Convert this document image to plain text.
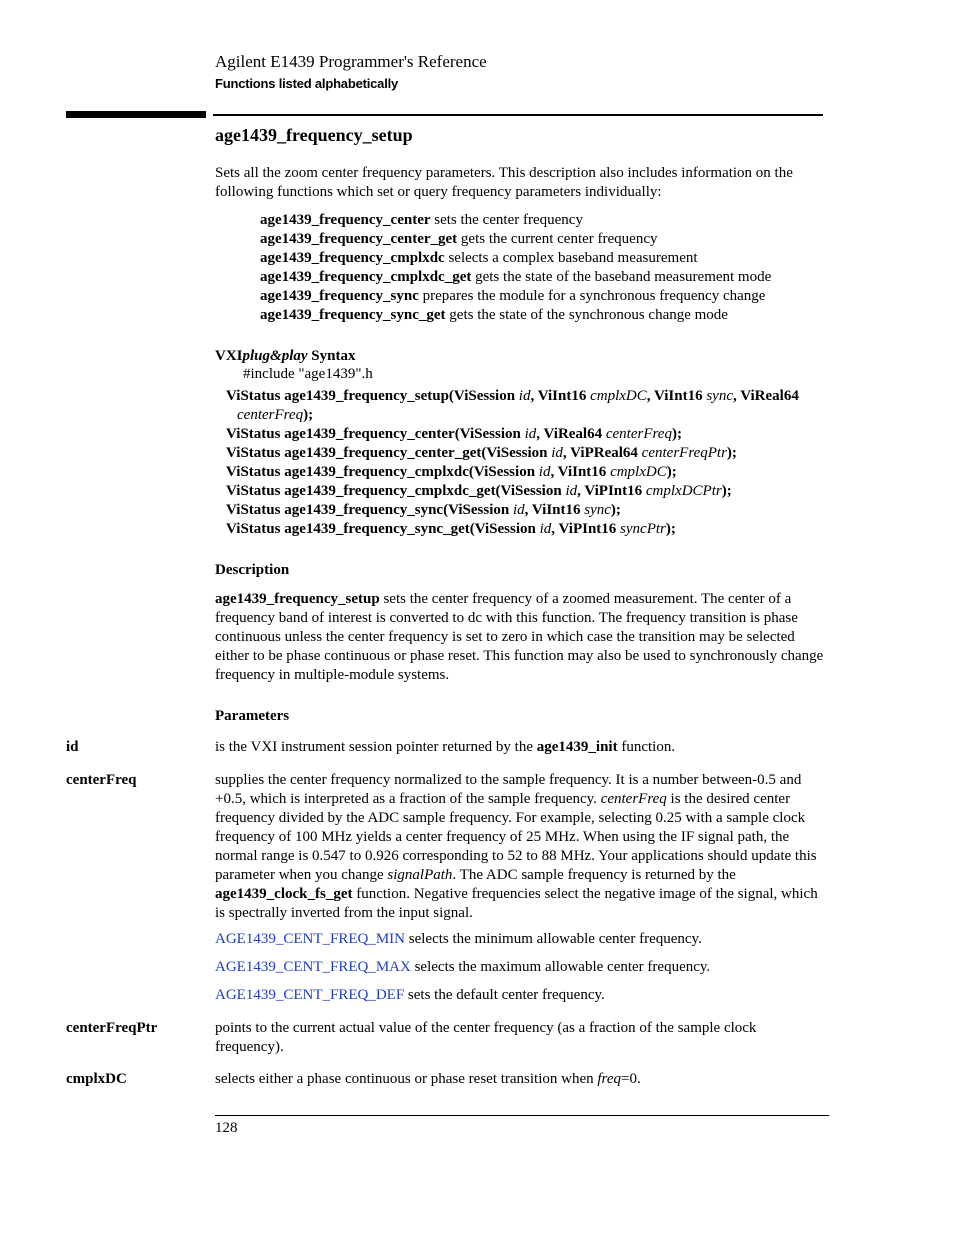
Agilent E1439 Programmer's Reference
Functions listed alphabetically
age1439_frequency_setup
Sets all the zoom center frequency parameters. This description also includes information on the following functions which set or query frequency parameters individually:
age1439_frequency_center sets the center frequency
age1439_frequency_center_get gets the current center frequency
age1439_frequency_cmplxdc selects a complex baseband measurement
age1439_frequency_cmplxdc_get gets the state of the baseband measurement mode
age1439_frequency_sync prepares the module for a synchronous frequency change
age1439_frequency_sync_get gets the state of the synchronous change mode
VXIplug&play Syntax
#include "age1439".h
ViStatus age1439_frequency_setup(ViSession id, ViInt16 cmplxDC, ViInt16 sync, ViReal64
centerFreq);
ViStatus age1439_frequency_center(ViSession id, ViReal64 centerFreq);
ViStatus age1439_frequency_center_get(ViSession id, ViPReal64 centerFreqPtr);
ViStatus age1439_frequency_cmplxdc(ViSession id, ViInt16 cmplxDC);
ViStatus age1439_frequency_cmplxdc_get(ViSession id, ViPInt16 cmplxDCPtr);
ViStatus age1439_frequency_sync(ViSession id, ViInt16 sync);
ViStatus age1439_frequency_sync_get(ViSession id, ViPInt16 syncPtr);
Description
age1439_frequency_setup sets the center frequency of a zoomed measurement. The center of a frequency band of interest is converted to dc with this function. The frequency transition is phase continuous unless the center frequency is set to zero in which case the transition may be selected either to be phase continuous or phase reset. This function may also be used to synchronously change frequency in multiple-module systems.
Parameters
id	is the VXI instrument session pointer returned by the age1439_init function.
centerFreq	supplies the center frequency normalized to the sample frequency. It is a number between-0.5 and +0.5, which is interpreted as a fraction of the sample frequency. centerFreq is the desired center frequency divided by the ADC sample frequency. For example, selecting 0.25 with a sample clock frequency of 100 MHz yields a center frequency of 25 MHz. When using the IF signal path, the normal range is 0.547 to 0.926 corresponding to 52 to 88 MHz. Your applications should update this parameter when you change signalPath. The ADC sample frequency is returned by the age1439_clock_fs_get function. Negative frequencies select the negative image of the signal, which is spectrally inverted from the input signal.
AGE1439_CENT_FREQ_MIN selects the minimum allowable center frequency.
AGE1439_CENT_FREQ_MAX selects the maximum allowable center frequency.
AGE1439_CENT_FREQ_DEF sets the default center frequency.
centerFreqPtr	points to the current actual value of the center frequency (as a fraction of the sample clock frequency).
cmplxDC	selects either a phase continuous or phase reset transition when freq=0.
128
